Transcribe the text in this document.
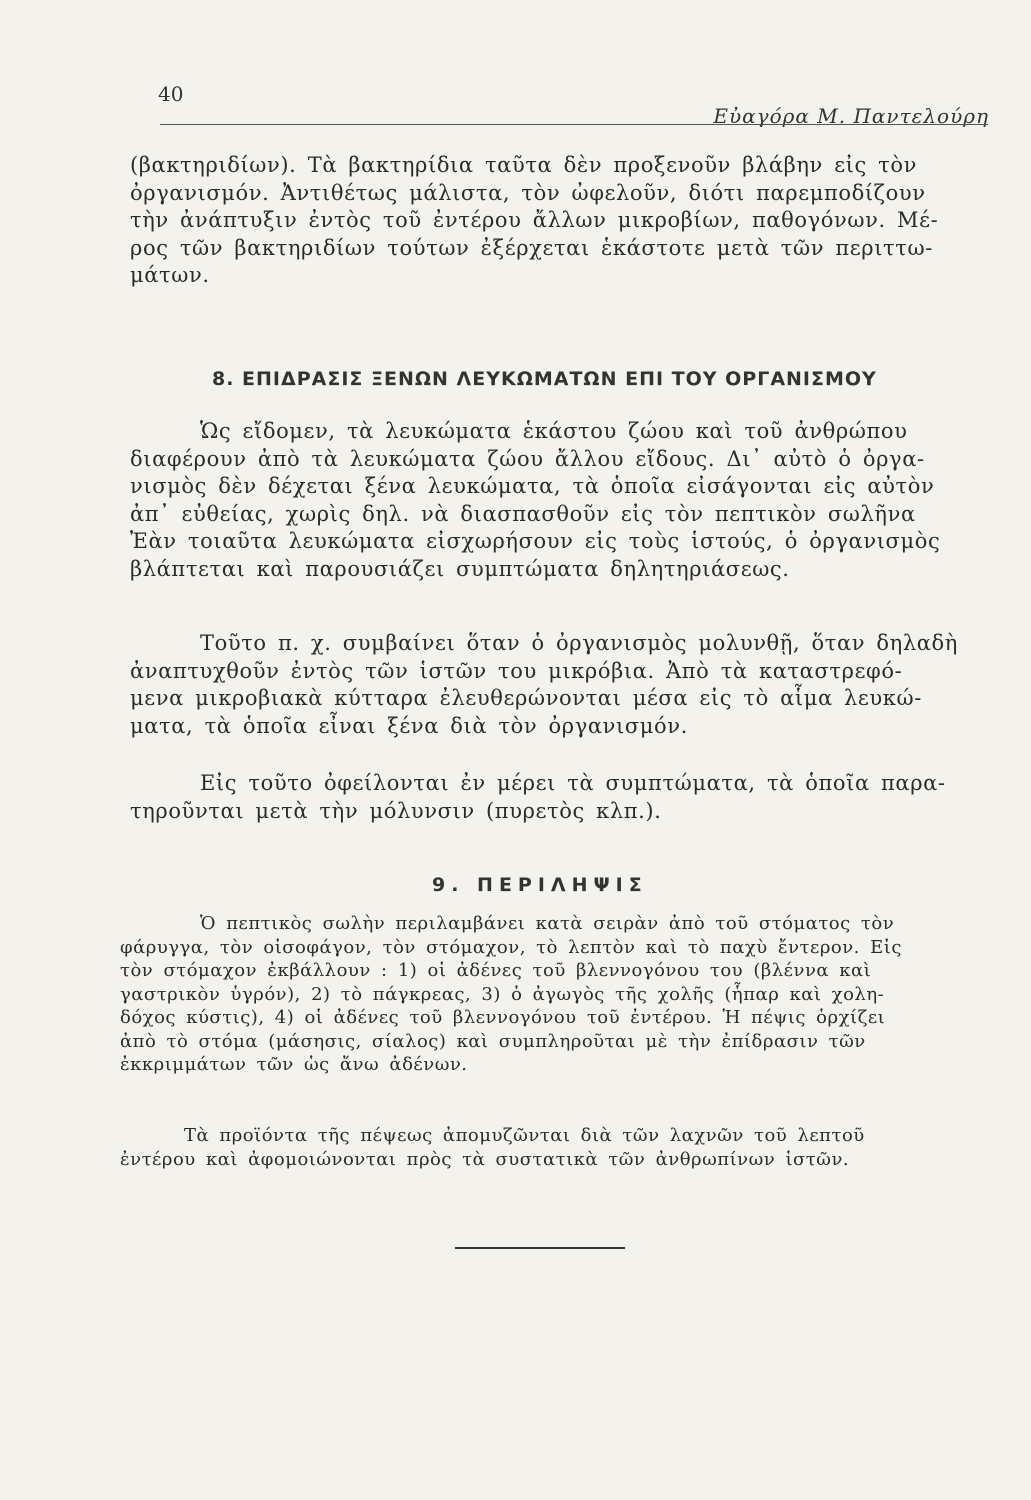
40
Εὐαγόρα Μ. Παντελούρη

(βακτηριδίων). Τὰ βακτηρίδια ταῦτα δὲν προξενοῦν βλάβην εἰς τὸν
ὀργανισμόν. Ἀντιθέτως μάλιστα, τὸν ὠφελοῦν, διότι παρεμποδίζουν
τὴν ἀνάπτυξιν ἐντὸς τοῦ ἐντέρου ἄλλων μικροβίων, παθογόνων. Μέ-
ρος τῶν βακτηριδίων τούτων ἐξέρχεται ἑκάστοτε μετὰ τῶν περιττω-
μάτων.

8. ΕΠΙΔΡΑΣΙΣ ΞΕΝΩΝ ΛΕΥΚΩΜΑΤΩΝ ΕΠΙ ΤΟΥ ΟΡΓΑΝΙΣΜΟΥ

Ὡς εἴδομεν, τὰ λευκώματα ἑκάστου ζώου καὶ τοῦ ἀνθρώπου
διαφέρουν ἀπὸ τὰ λευκώματα ζώου ἄλλου εἴδους. Δι᾽ αὐτὸ ὁ ὀργα-
νισμὸς δὲν δέχεται ξένα λευκώματα, τὰ ὁποῖα εἰσάγονται εἰς αὐτὸν
ἀπ᾽ εὐθείας, χωρὶς δηλ. νὰ διασπασθοῦν εἰς τὸν πεπτικὸν σωλῆνα
Ἐὰν τοιαῦτα λευκώματα εἰσχωρήσουν εἰς τοὺς ἱστούς, ὁ ὀργανισμὸς
βλάπτεται καὶ παρουσιάζει συμπτώματα δηλητηριάσεως.

Τοῦτο π. χ. συμβαίνει ὅταν ὁ ὀργανισμὸς μολυνθῇ, ὅταν δηλαδὴ
ἀναπτυχθοῦν ἐντὸς τῶν ἱστῶν του μικρόβια. Ἀπὸ τὰ καταστρεφό-
μενα μικροβιακὰ κύτταρα ἐλευθερώνονται μέσα εἰς τὸ αἷμα λευκώ-
ματα, τὰ ὁποῖα εἶναι ξένα διὰ τὸν ὀργανισμόν.

Εἰς τοῦτο ὀφείλονται ἐν μέρει τὰ συμπτώματα, τὰ ὁποῖα παρα-
τηροῦνται μετὰ τὴν μόλυνσιν (πυρετὸς κλπ.).

9. ΠΕΡΙΛΗΨΙΣ

Ὁ πεπτικὸς σωλὴν περιλαμβάνει κατὰ σειρὰν ἀπὸ τοῦ στόματος τὸν
φάρυγγα, τὸν οἰσοφάγον, τὸν στόμαχον, τὸ λεπτὸν καὶ τὸ παχὺ ἔντερον. Εἰς
τὸν στόμαχον ἐκβάλλουν : 1) οἱ ἀδένες τοῦ βλεννογόνου του (βλέννα καὶ
γαστρικὸν ὑγρόν), 2) τὸ πάγκρεας, 3) ὁ ἀγωγὸς τῆς χολῆς (ἧπαρ καὶ χολη-
δόχος κύστις), 4) οἱ ἀδένες τοῦ βλεννογόνου τοῦ ἐντέρου. Ἡ πέψις ὁρχίζει
ἀπὸ τὸ στόμα (μάσησις, σίαλος) καὶ συμπληροῦται μὲ τὴν ἐπίδρασιν τῶν
ἐκκριμμάτων τῶν ὡς ἄνω ἀδένων.

Τὰ προϊόντα τῆς πέψεως ἀπομυζῶνται διὰ τῶν λαχνῶν τοῦ λεπτοῦ
ἐντέρου καὶ ἀφομοιώνονται πρὸς τὰ συστατικὰ τῶν ἀνθρωπίνων ἱστῶν.
